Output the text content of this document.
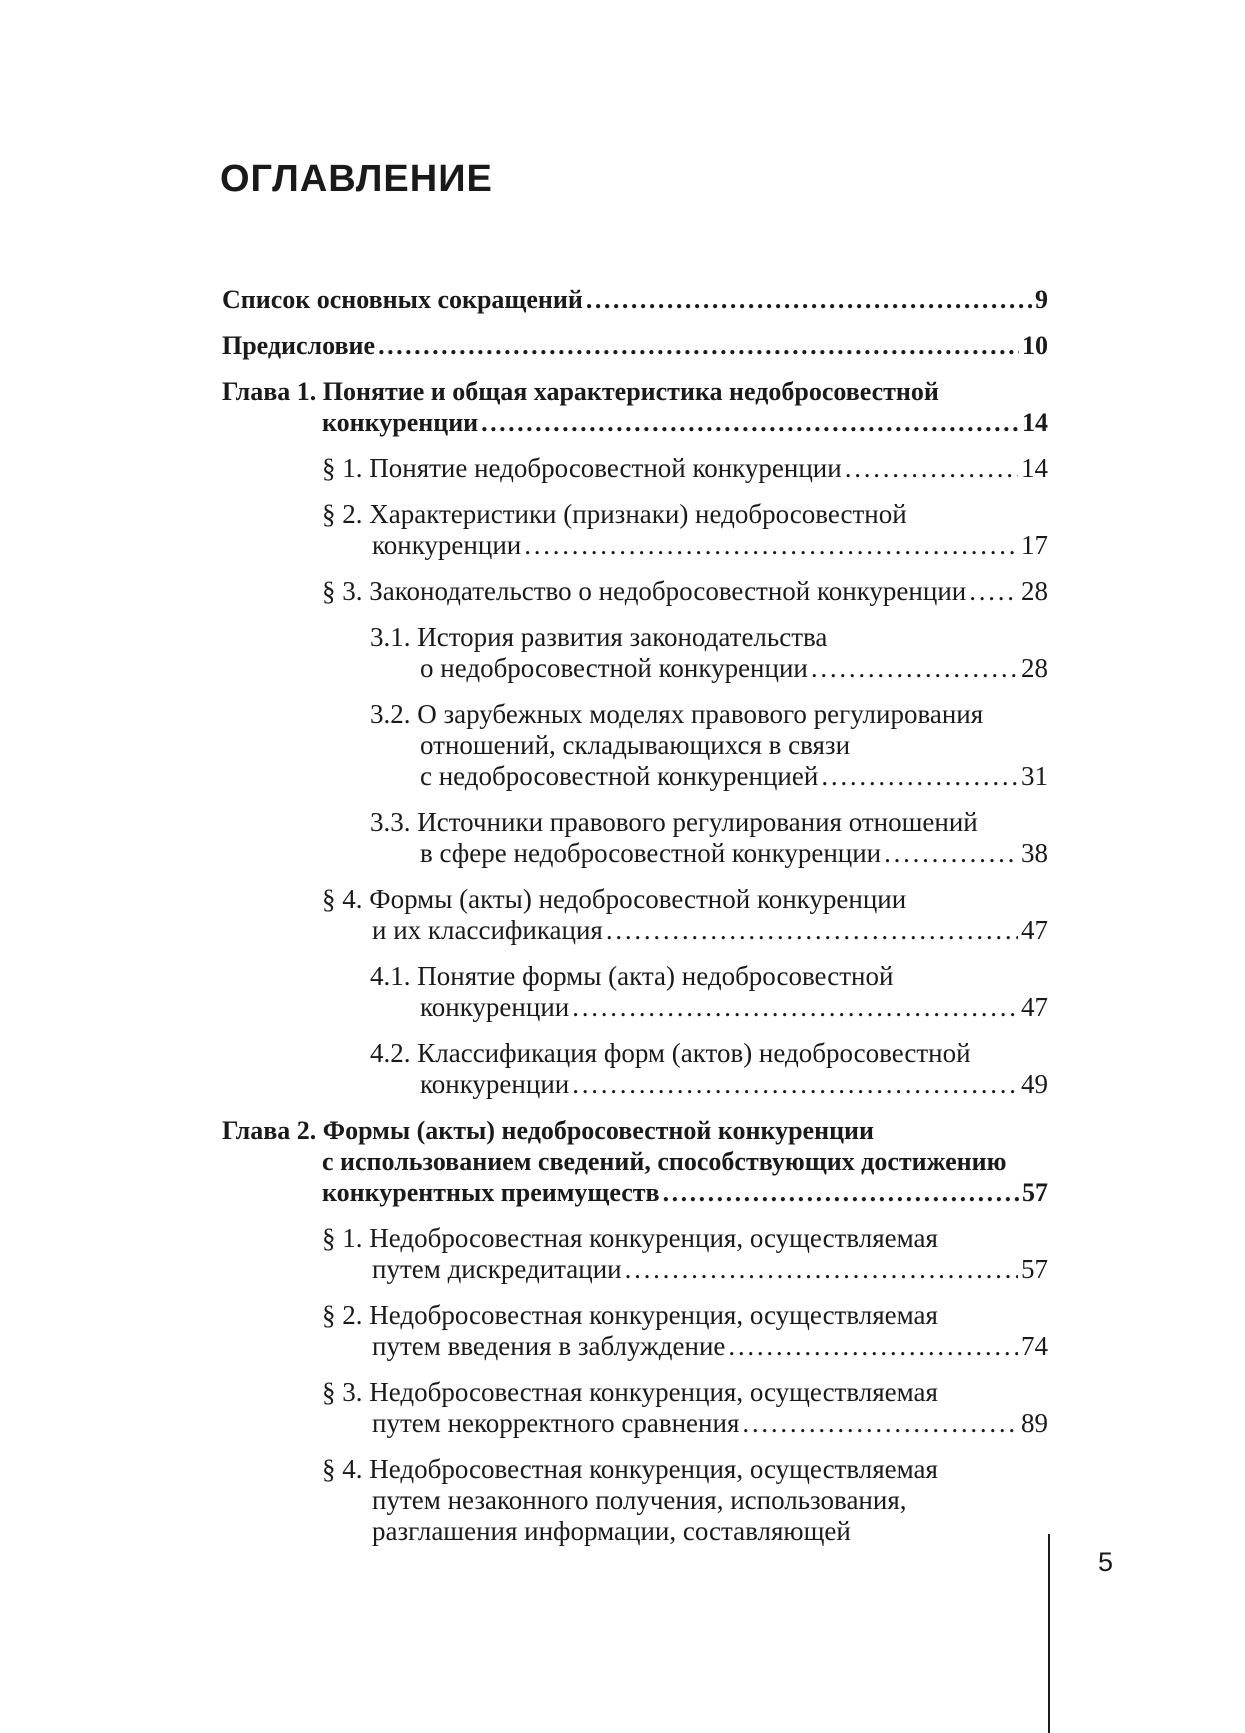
ОГЛАВЛЕНИЕ
Список основных сокращений . . .	9
Предисловие . . .	10
Глава 1. Понятие и общая характеристика недобросовестной
конкуренции . . .	14
§ 1. Понятие недобросовестной конкуренции . . .	14
§ 2. Характеристики (признаки) недобросовестной
конкуренции . . .	17
§ 3. Законодательство о недобросовестной конкуренции . . . 28
3.1. История развития законодательства
о недобросовестной конкуренции . . .	28
3.2. О зарубежных моделях правового регулирования
отношений, складывающихся в связи
с недобросовестной конкуренцией . . .	31
3.3. Источники правового регулирования отношений
в сфере недобросовестной конкуренции . . .	38
§ 4. Формы (акты) недобросовестной конкуренции
и их классификация . . .	47
4.1. Понятие формы (акта) недобросовестной
конкуренции . . .	47
4.2. Классификация форм (актов) недобросовестной
конкуренции . . .	49
Глава 2. Формы (акты) недобросовестной конкуренции
с использованием сведений, способствующих достижению
конкурентных преимуществ . . .	57
§ 1. Недобросовестная конкуренция, осуществляемая
путем дискредитации . . .	57
§ 2. Недобросовестная конкуренция, осуществляемая
путем введения в заблуждение . . .	74
§ 3. Недобросовестная конкуренция, осуществляемая
путем некорректного сравнения . . .	89
§ 4. Недобросовестная конкуренция, осуществляемая
путем незаконного получения, использования,
разглашения информации, составляющей
5
